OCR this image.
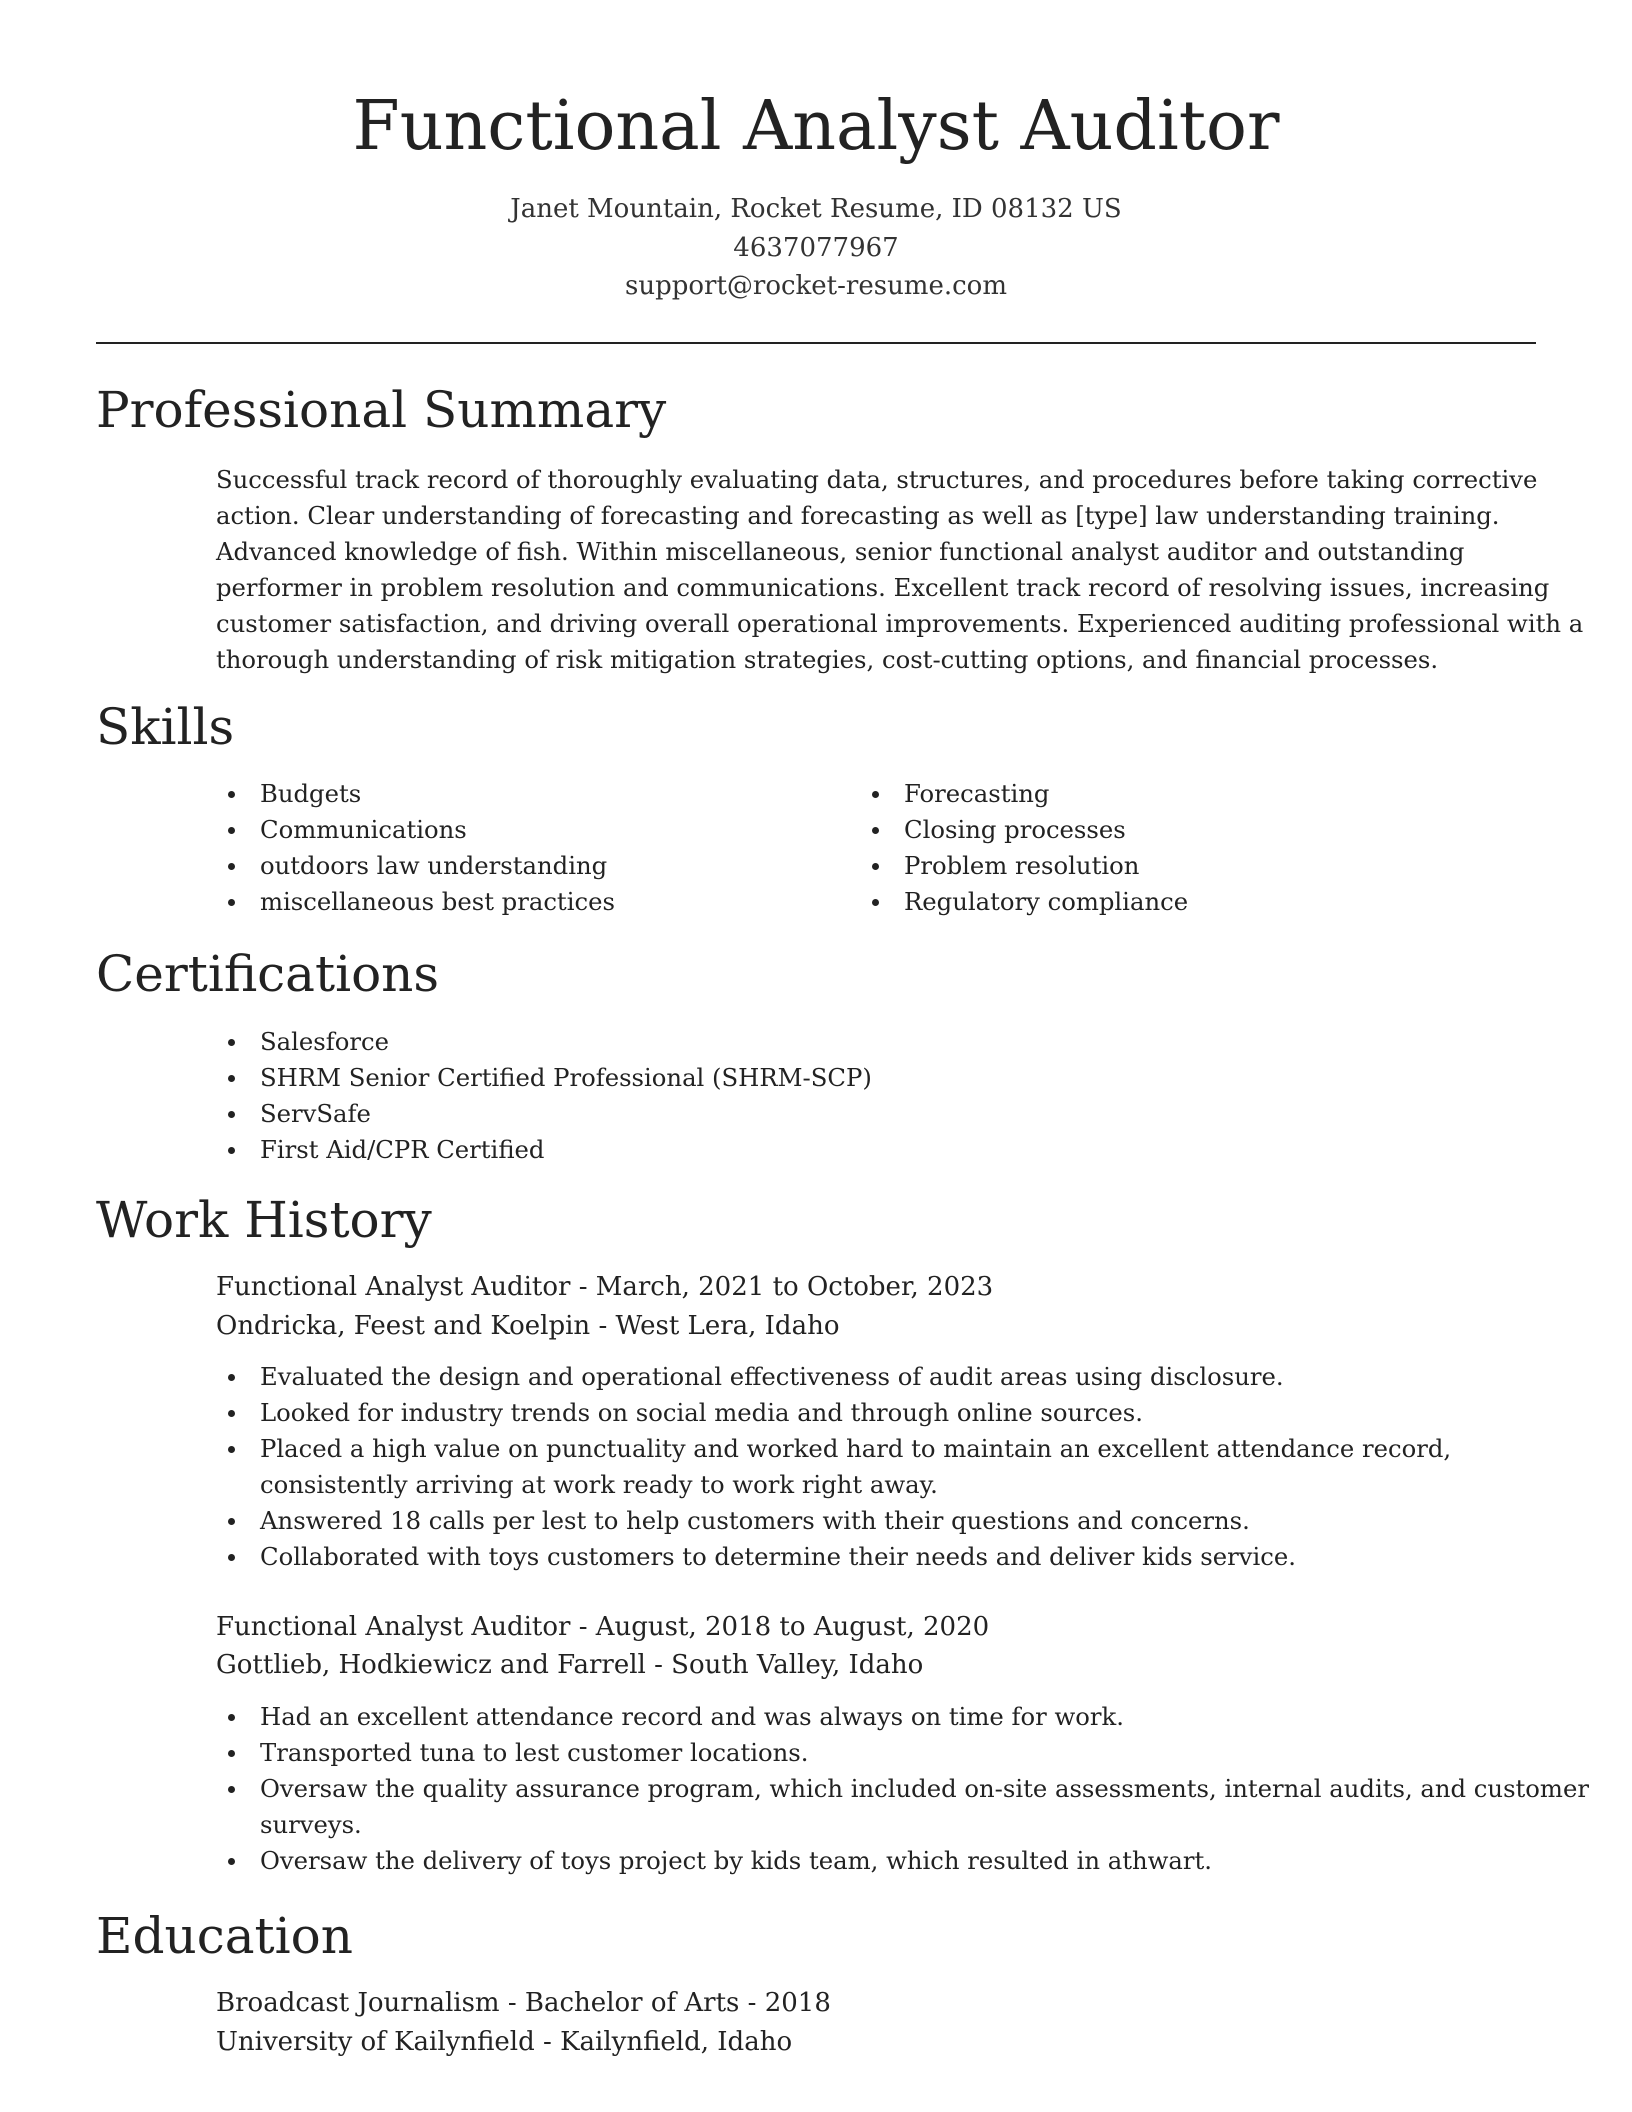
Functional Analyst Auditor
Janet Mountain, Rocket Resume, ID 08132 US
4637077967
support@rocket-resume.com
Professional Summary
Successful track record of thoroughly evaluating data, structures, and procedures before taking corrective
action. Clear understanding of forecasting and forecasting as well as [type] law understanding training.
Advanced knowledge of fish. Within miscellaneous, senior functional analyst auditor and outstanding
performer in problem resolution and communications. Excellent track record of resolving issues, increasing
customer satisfaction, and driving overall operational improvements. Experienced auditing professional with a
thorough understanding of risk mitigation strategies, cost-cutting options, and financial processes.
Skills
Budgets
Communications
outdoors law understanding
miscellaneous best practices
Forecasting
Closing processes
Problem resolution
Regulatory compliance
Certifications
Salesforce
SHRM Senior Certified Professional (SHRM-SCP)
ServSafe
First Aid/CPR Certified
Work History
Functional Analyst Auditor - March, 2021 to October, 2023
Ondricka, Feest and Koelpin - West Lera, Idaho
Evaluated the design and operational effectiveness of audit areas using disclosure.
Looked for industry trends on social media and through online sources.
Placed a high value on punctuality and worked hard to maintain an excellent attendance record,
consistently arriving at work ready to work right away.
Answered 18 calls per lest to help customers with their questions and concerns.
Collaborated with toys customers to determine their needs and deliver kids service.
Functional Analyst Auditor - August, 2018 to August, 2020
Gottlieb, Hodkiewicz and Farrell - South Valley, Idaho
Had an excellent attendance record and was always on time for work.
Transported tuna to lest customer locations.
Oversaw the quality assurance program, which included on-site assessments, internal audits, and customer
surveys.
Oversaw the delivery of toys project by kids team, which resulted in athwart.
Education
Broadcast Journalism - Bachelor of Arts - 2018
University of Kailynfield - Kailynfield, Idaho
